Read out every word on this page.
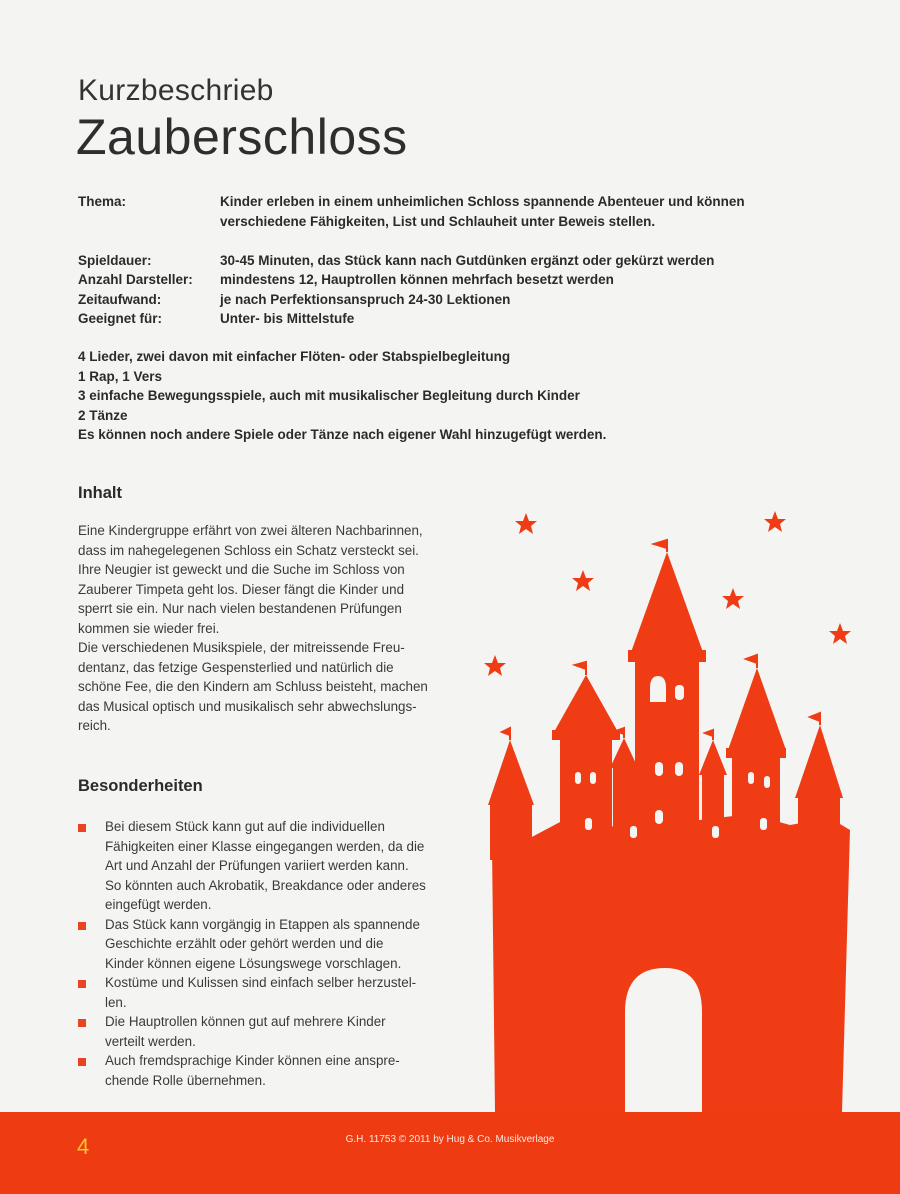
Kurzbeschrieb
Zauberschloss
Thema:	Kinder erleben in einem unheimlichen Schloss spannende Abenteuer und können verschiedene Fähigkeiten, List und Schlauheit unter Beweis stellen.
Spieldauer:	30-45 Minuten, das Stück kann nach Gutdünken ergänzt oder gekürzt werden
Anzahl Darsteller:	mindestens 12, Hauptrollen können mehrfach besetzt werden
Zeitaufwand:	je nach Perfektionsanspruch 24-30 Lektionen
Geeignet für:	Unter- bis Mittelstufe
4 Lieder, zwei davon mit einfacher Flöten- oder Stabspielbegleitung
1 Rap, 1 Vers
3 einfache Bewegungsspiele, auch mit musikalischer Begleitung durch Kinder
2 Tänze
Es können noch andere Spiele oder Tänze nach eigener Wahl hinzugefügt werden.
Inhalt
Eine Kindergruppe erfährt von zwei älteren Nachbarinnen,
dass im nahegelegenen Schloss ein Schatz versteckt sei.
Ihre Neugier ist geweckt und die Suche im Schloss von
Zauberer Timpeta geht los. Dieser fängt die Kinder und
sperrt sie ein. Nur nach vielen bestandenen Prüfungen
kommen sie wieder frei.
Die verschiedenen Musikspiele, der mitreissende Freu-
dentanz, das fetzige Gespensterlied und natürlich die
schöne Fee, die den Kindern am Schluss beisteht, machen
das Musical optisch und musikalisch sehr abwechslungs-
reich.
Besonderheiten
Bei diesem Stück kann gut auf die individuellen
Fähigkeiten einer Klasse eingegangen werden, da die
Art und Anzahl der Prüfungen variiert werden kann.
So könnten auch Akrobatik, Breakdance oder anderes
eingefügt werden.
Das Stück kann vorgängig in Etappen als spannende
Geschichte erzählt oder gehört werden und die
Kinder können eigene Lösungswege vorschlagen.
Kostüme und Kulissen sind einfach selber herzustel-
len.
Die Hauptrollen können gut auf mehrere Kinder
verteilt werden.
Auch fremdsprachige Kinder können eine anspre-
chende Rolle übernehmen.
4	G.H. 11753 © 2011 by Hug & Co. Musikverlage
